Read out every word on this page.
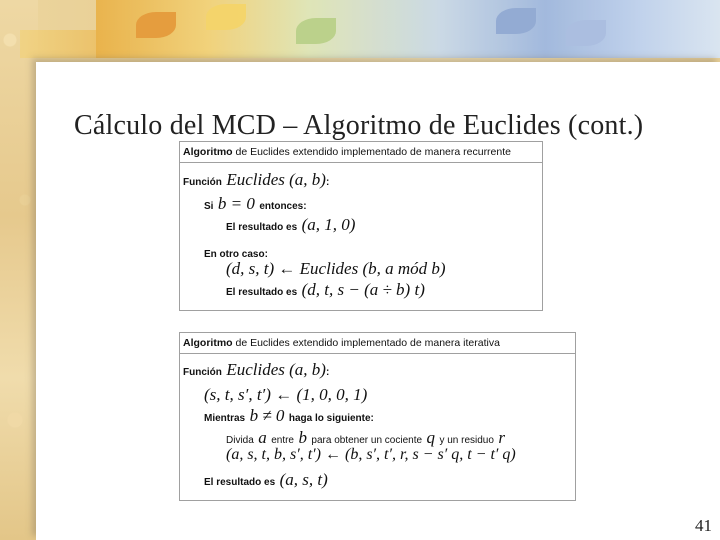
Cálculo del MCD – Algoritmo de Euclides (cont.)
Algoritmo de Euclides extendido implementado de manera recurrente
Función Euclides (a, b):
Si b = 0 entonces:
El resultado es (a, 1, 0)
En otro caso:
(d, s, t) ← Euclides (b, a mód b)
El resultado es (d, t, s − (a ÷ b) t)
Algoritmo de Euclides extendido implementado de manera iterativa
Función Euclides (a, b):
(s, t, s′, t′) ← (1, 0, 0, 1)
Mientras b ≠ 0 haga lo siguiente:
Divida a entre b para obtener un cociente q y un residuo r
(a, s, t, b, s′, t′) ← (b, s′, t′, r, s − s′ q, t − t′ q)
El resultado es (a, s, t)
41
